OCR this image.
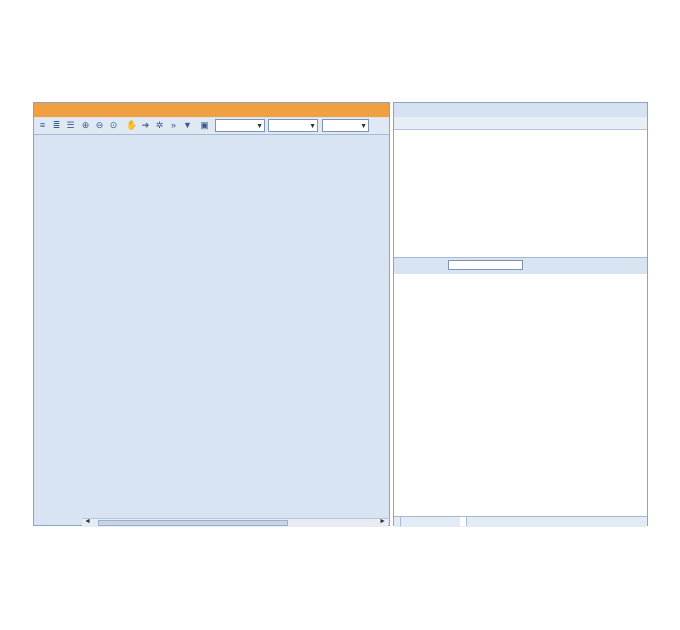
≡ ≣ ☰ ⊕ ⊖ ⊙ ✋ ➔ ✲ » ▼ ▣	▼	▼	▼
◄	►
